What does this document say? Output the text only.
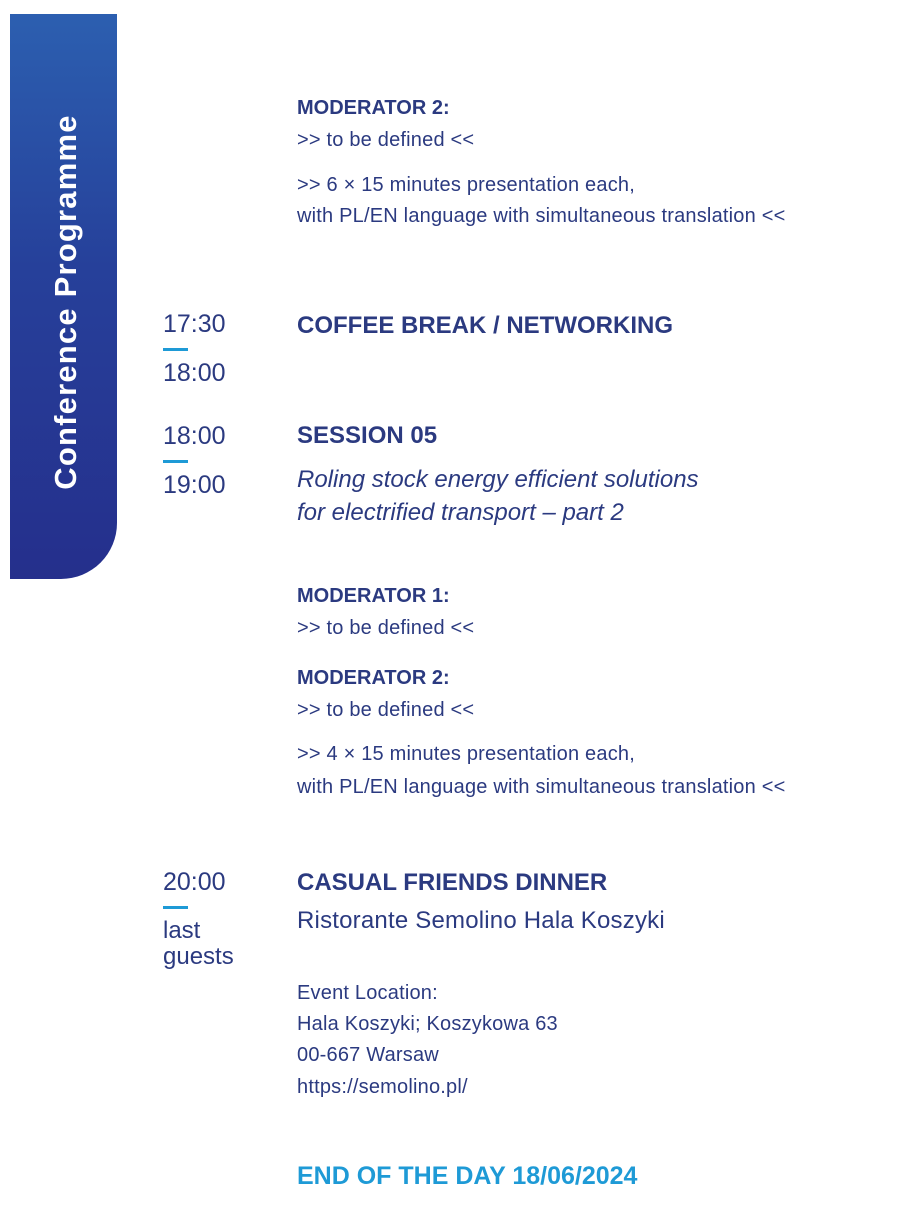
Conference Programme
MODERATOR 2:
>> to be defined <<
>> 6 × 15 minutes presentation each,
with PL/EN language with simultaneous translation <<
17:30
18:00
COFFEE BREAK / NETWORKING
18:00
19:00
SESSION 05
Roling stock energy efficient solutions
for electrified transport – part 2
MODERATOR 1:
>> to be defined <<
MODERATOR 2:
>> to be defined <<
>> 4 × 15 minutes presentation each,
with PL/EN language with simultaneous translation <<
20:00
last
guests
CASUAL FRIENDS DINNER
Ristorante Semolino Hala Koszyki
Event Location:
Hala Koszyki; Koszykowa 63
00-667 Warsaw
https://semolino.pl/
END OF THE DAY 18/06/2024
